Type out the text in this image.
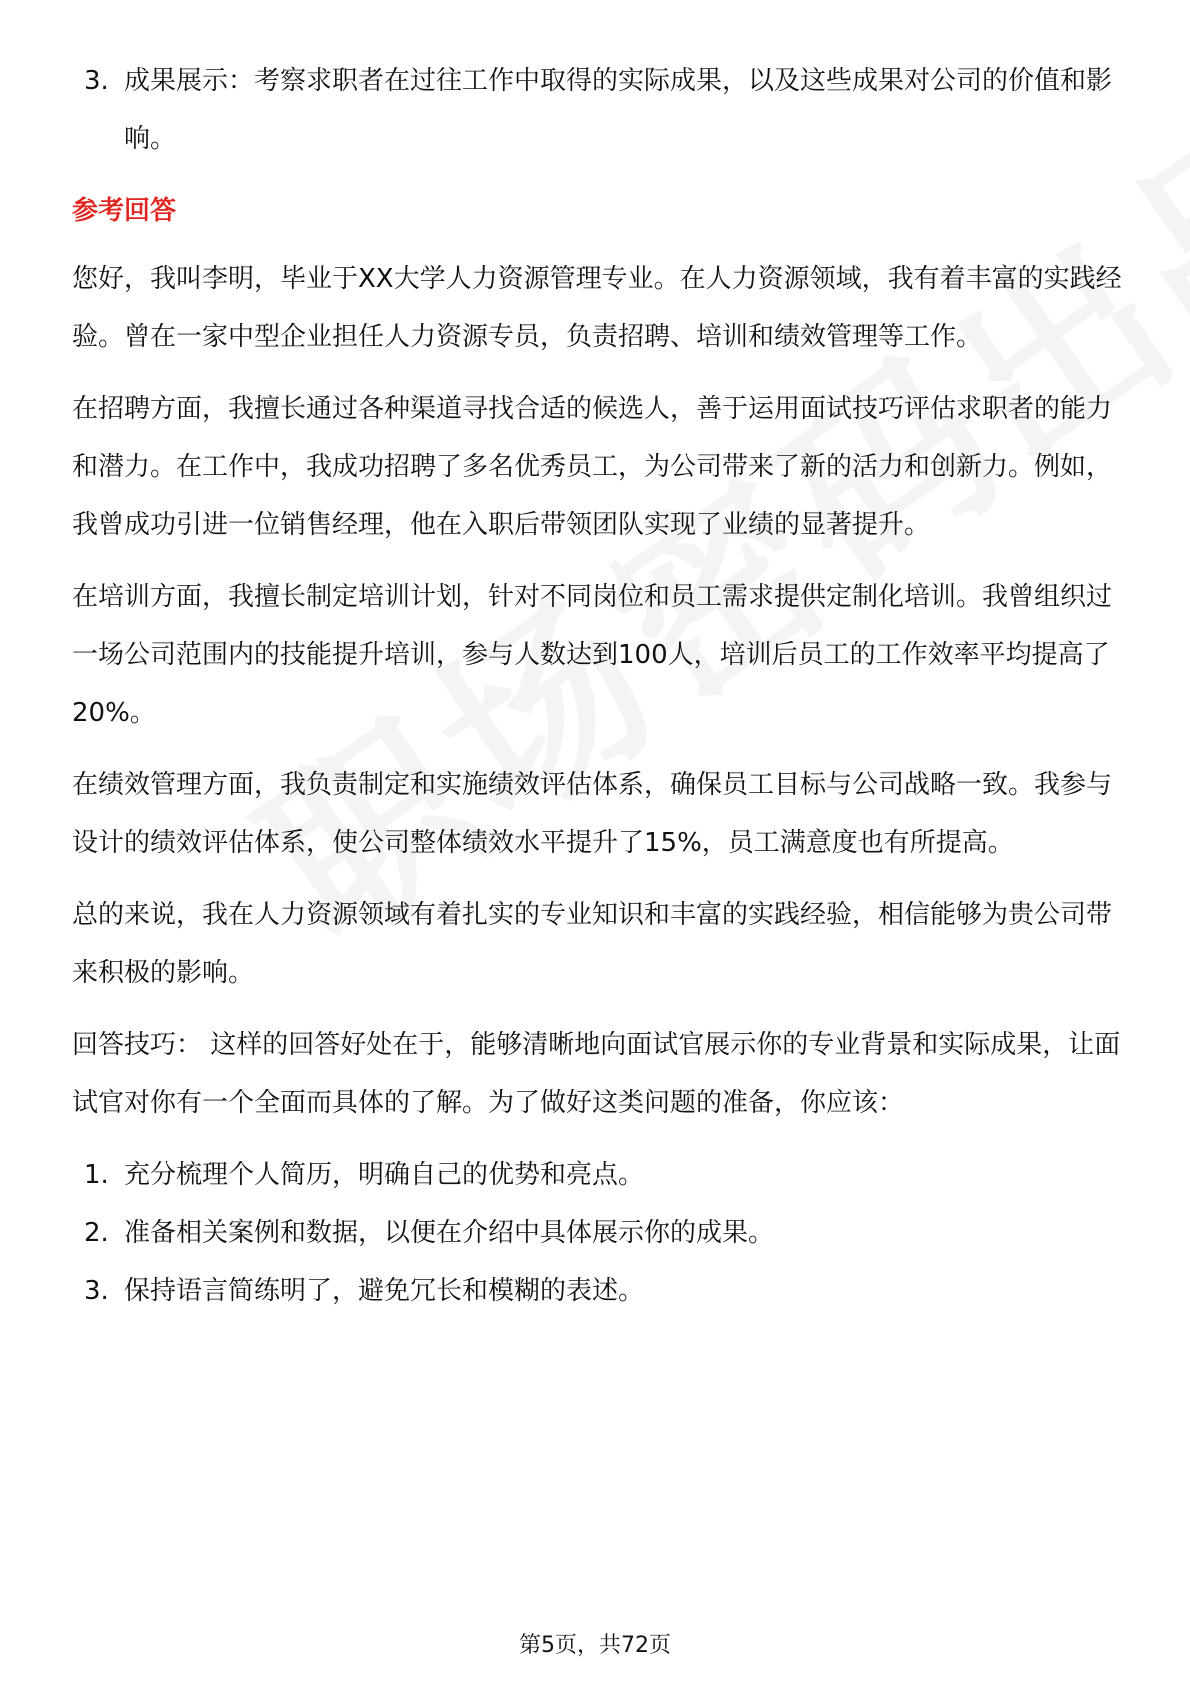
3. 成果展示：考察求职者在过往工作中取得的实际成果，以及这些成果对公司的价值和影响。
参考回答
您好，我叫李明，毕业于XX大学人力资源管理专业。在人力资源领域，我有着丰富的实践经验。曾在一家中型企业担任人力资源专员，负责招聘、培训和绩效管理等工作。
在招聘方面，我擅长通过各种渠道寻找合适的候选人，善于运用面试技巧评估求职者的能力和潜力。在工作中，我成功招聘了多名优秀员工，为公司带来了新的活力和创新力。例如，我曾成功引进一位销售经理，他在入职后带领团队实现了业绩的显著提升。
在培训方面，我擅长制定培训计划，针对不同岗位和员工需求提供定制化培训。我曾组织过一场公司范围内的技能提升培训，参与人数达到100人，培训后员工的工作效率平均提高了20%。
在绩效管理方面，我负责制定和实施绩效评估体系，确保员工目标与公司战略一致。我参与设计的绩效评估体系，使公司整体绩效水平提升了15%，员工满意度也有所提高。
总的来说，我在人力资源领域有着扎实的专业知识和丰富的实践经验，相信能够为贵公司带来积极的影响。
回答技巧： 这样的回答好处在于，能够清晰地向面试官展示你的专业背景和实际成果，让面试官对你有一个全面而具体的了解。为了做好这类问题的准备，你应该：
1. 充分梳理个人简历，明确自己的优势和亮点。
2. 准备相关案例和数据，以便在介绍中具体展示你的成果。
3. 保持语言简练明了，避免冗长和模糊的表述。
第5页，共72页
